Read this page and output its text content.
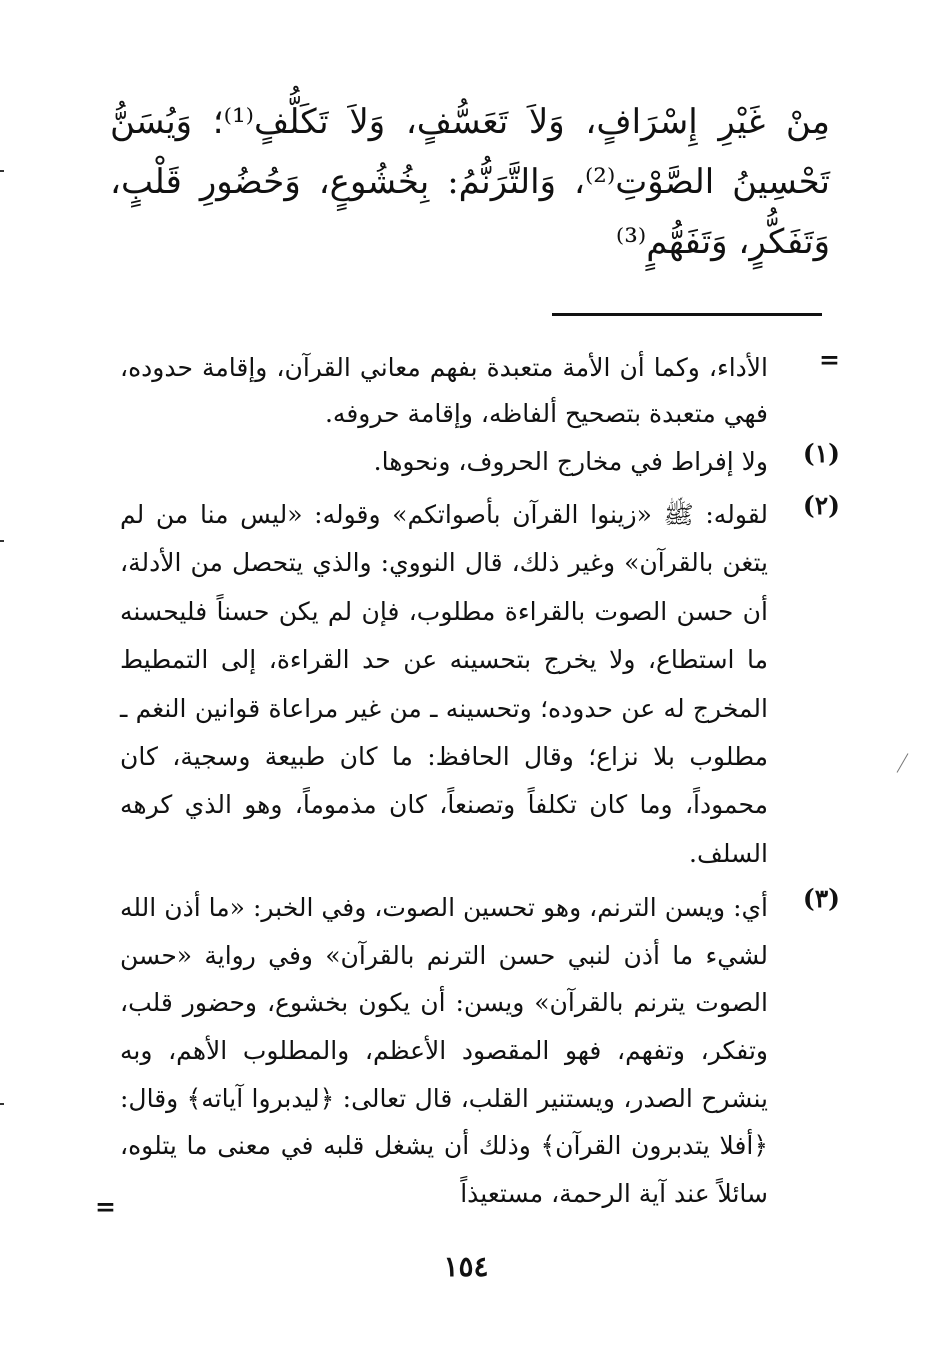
مِنْ غَيْرِ إِسْرَافٍ، وَلاَ تَعَسُّفٍ، وَلاَ تَكَلُّفٍ⁽¹⁾؛ وَيُسَنُّ تَحْسِينُ الصَّوْتِ⁽²⁾، وَالتَّرَنُّمُ: بِخُشُوعٍ، وَحُضُورِ قَلْبٍ، وَتَفَكُّرٍ، وَتَفَهُّمٍ⁽³⁾

=
الأداء، وكما أن الأمة متعبدة بفهم معاني القرآن، وإقامة حدوده، فهي متعبدة بتصحيح ألفاظه، وإقامة حروفه.
(١)
ولا إفراط في مخارج الحروف، ونحوها.
(٢)
لقوله: ﷺ «زينوا القرآن بأصواتكم» وقوله: «ليس منا من لم يتغن بالقرآن» وغير ذلك، قال النووي: والذي يتحصل من الأدلة، أن حسن الصوت بالقراءة مطلوب، فإن لم يكن حسناً فليحسنه ما استطاع، ولا يخرج بتحسينه عن حد القراءة، إلى التمطيط المخرج له عن حدوده؛ وتحسينه ـ من غير مراعاة قوانين النغم ـ مطلوب بلا نزاع؛ وقال الحافظ: ما كان طبيعة وسجية، كان محموداً، وما كان تكلفاً وتصنعاً، كان مذموماً، وهو الذي كرهه السلف.
(٣)
أي: ويسن الترنم، وهو تحسين الصوت، وفي الخبر: «ما أذن الله لشيء ما أذن لنبي حسن الترنم بالقرآن» وفي رواية «حسن الصوت يترنم بالقرآن» ويسن: أن يكون بخشوع، وحضور قلب، وتفكر، وتفهم، فهو المقصود الأعظم، والمطلوب الأهم، وبه ينشرح الصدر، ويستنير القلب، قال تعالى: ﴿ليدبروا آياته﴾ وقال: ﴿أفلا يتدبرون القرآن﴾ وذلك أن يشغل قلبه في معنى ما يتلوه، سائلاً عند آية الرحمة، مستعيذاً
=
١٥٤
